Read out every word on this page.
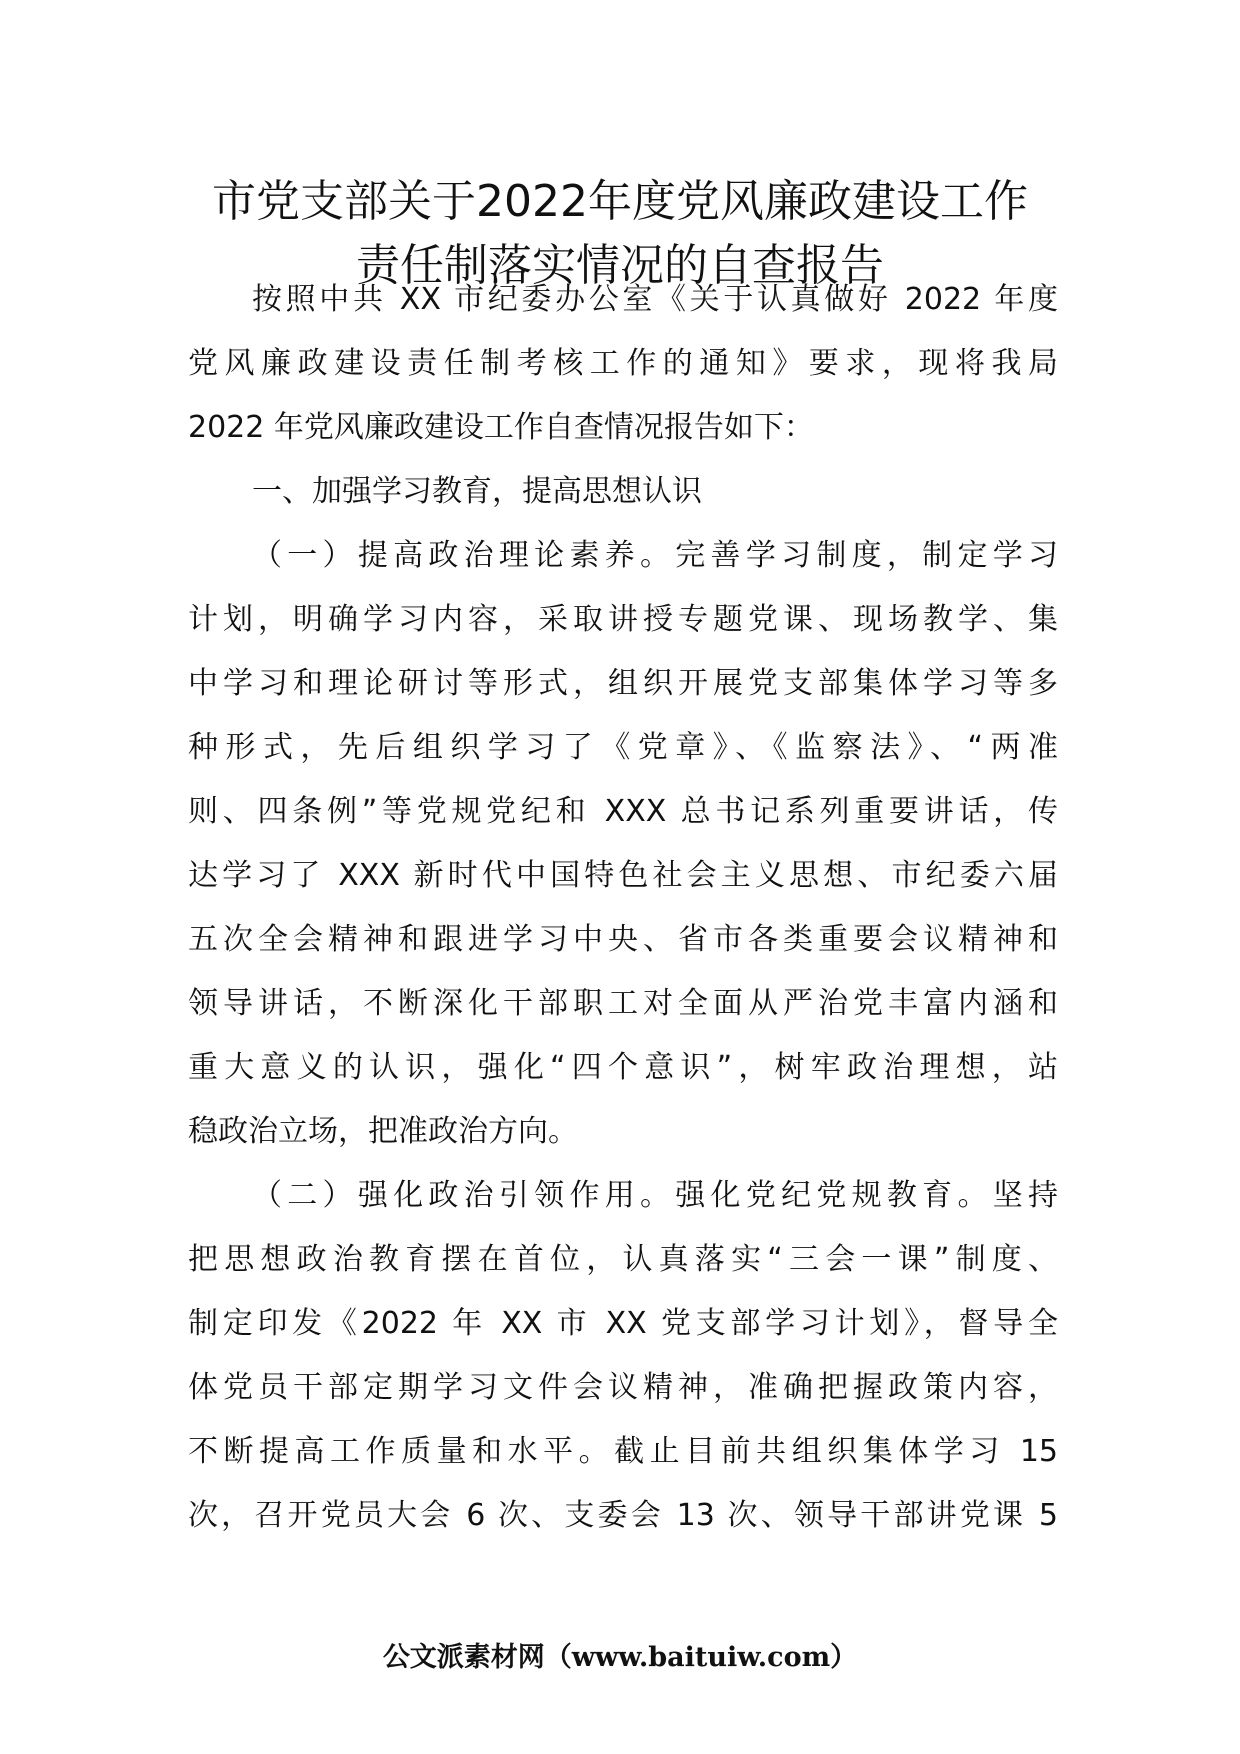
市党支部关于2022年度党风廉政建设工作
责任制落实情况的自查报告
按照中共 XX 市纪委办公室《关于认真做好 2022 年度
党风廉政建设责任制考核工作的通知》要求，现将我局
2022 年党风廉政建设工作自查情况报告如下：
一、加强学习教育，提高思想认识
（一）提高政治理论素养。完善学习制度，制定学习
计划，明确学习内容，采取讲授专题党课、现场教学、集
中学习和理论研讨等形式，组织开展党支部集体学习等多
种形式，先后组织学习了《党章》、《监察法》、“两准
则、四条例”等党规党纪和 XXX 总书记系列重要讲话，传
达学习了 XXX 新时代中国特色社会主义思想、市纪委六届
五次全会精神和跟进学习中央、省市各类重要会议精神和
领导讲话，不断深化干部职工对全面从严治党丰富内涵和
重大意义的认识，强化“四个意识”，树牢政治理想，站
稳政治立场，把准政治方向。
（二）强化政治引领作用。强化党纪党规教育。坚持
把思想政治教育摆在首位，认真落实“三会一课”制度、
制定印发《2022 年 XX 市 XX 党支部学习计划》，督导全
体党员干部定期学习文件会议精神，准确把握政策内容，
不断提高工作质量和水平。截止目前共组织集体学习 15
次，召开党员大会 6 次、支委会 13 次、领导干部讲党课 5
公文派素材网（www.baituiw.com）
